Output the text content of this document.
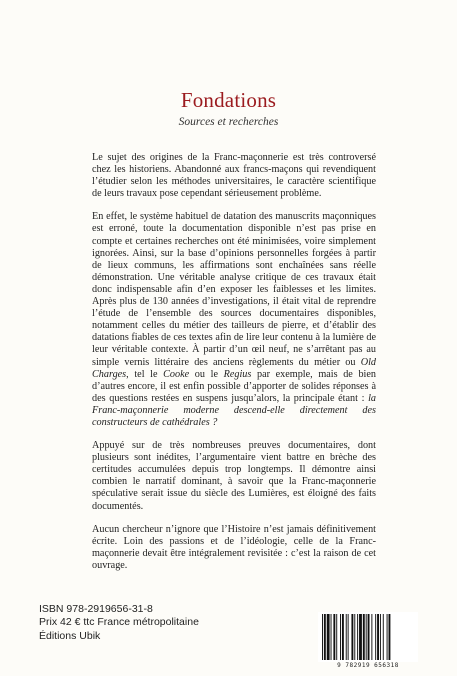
Fondations
Sources et recherches

Le sujet des origines de la Franc-maçonnerie est très controversé chez les historiens. Abandonné aux francs-maçons qui revendiquent l’étudier selon les méthodes universitaires, le caractère scientifique de leurs travaux pose cependant sérieusement problème.

En effet, le système habituel de datation des manuscrits maçonniques est erroné, toute la documentation disponible n’est pas prise en compte et certaines recherches ont été minimisées, voire simplement ignorées. Ainsi, sur la base d’opinions personnelles forgées à partir de lieux communs, les affirmations sont enchaînées sans réelle démonstration. Une véritable analyse critique de ces travaux était donc indispensable afin d’en exposer les faiblesses et les limites. Après plus de 130 années d’investigations, il était vital de reprendre l’étude de l’ensemble des sources documentaires disponibles, notamment celles du métier des tailleurs de pierre, et d’établir des datations fiables de ces textes afin de lire leur contenu à la lumière de leur véritable contexte. À partir d’un œil neuf, ne s’arrêtant pas au simple vernis littéraire des anciens règlements du métier ou Old Charges, tel le Cooke ou le Regius par exemple, mais de bien d’autres encore, il est enfin possible d’apporter de solides réponses à des questions restées en suspens jusqu’alors, la principale étant : la Franc-maçonnerie moderne descend-elle directement des constructeurs de cathédrales ?

Appuyé sur de très nombreuses preuves documentaires, dont plusieurs sont inédites, l’argumentaire vient battre en brèche des certitudes accumulées depuis trop longtemps. Il démontre ainsi combien le narratif dominant, à savoir que la Franc-maçonnerie spéculative serait issue du siècle des Lumières, est éloigné des faits documentés.

Aucun chercheur n’ignore que l’Histoire n’est jamais définitivement écrite. Loin des passions et de l’idéologie, celle de la Franc-maçonnerie devait être intégralement revisitée : c’est la raison de cet ouvrage.

ISBN 978-2919656-31-8
Prix 42 € ttc France métropolitaine
Éditions Ubik
9 782919 656318
